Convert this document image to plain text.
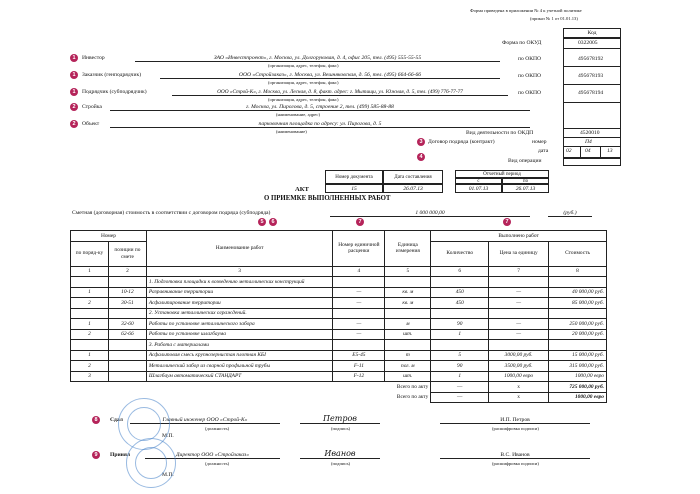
Форма приведена в приложении № 4 к учетной политике
(приказ № 1 от 01.01.13)
Код
Форма по ОКУД	0322005
1	Инвестор	ЗАО «Инвестпроект», г. Москва, ул. Долгоруковая, д. 4, офис 205, тел. (495) 555-55-55
(организация, адрес, телефон, факс)
по ОКПО	495678192
1	Заказчик (генподрядчик)	ООО «Стройзаказ», г. Москва, ул. Вешняковская, д. 56, тел. (495) 664-66-66
(организация, адрес, телефон, факс)
по ОКПО	495678193
1	Подрядчик (субподрядчик)	ООО «Строй-К», г. Москва, ул. Лесная, д. 8, факт. адрес: г. Мытищи, ул. Южная, д. 5, тел. (499) 776-77-77
(организация, адрес, телефон, факс)
по ОКПО	495678194
2	Стройка	г. Москва, ул. Пирогова, д. 5, строение 2, тел. (499) 585-88-88
(наименование, адрес)
2	Объект	парковочная площадка по адресу: ул. Пирогова, д. 5
(наименование)	Вид деятельности по ОКДП	4520010
3 Договор подряда (контракт)	номер	П4
дата	02 04	13
4
Вид операции
Номер документа	Дата составления
15	26.07.13
Отчетный период
с	по
01.07.13	26.07.13
АКТ
О ПРИЕМКЕ ВЫПОЛНЕННЫХ РАБОТ
5	6
Сметная (договорная) стоимость в соответствии с договором подряда (субподряда)	1 000 000,00	(руб.)
7	7
Номер		Наименование работ	Номер единичной расценки	Единица измерения	Выполнено работ		
по поряд-ку	позиции по смете				Количество	Цена за единицу	Стоимость
1	2	3	4	5	6	7	8
		1. Подготовка площадки к возведению металлических конструкций					
1	10-12	Разравнивание территории	—	кв. м	450	—	40 000,00 руб.
2	30-51	Асфальтирование территории	—	кв. м	450	—	85 000,00 руб.
		2. Установка металлических ограждений.					
1	32-60	Работы по установке металлического забора	—	м	90	—	250 000,00 руб.
2	62-66	Работы по установке шлагбаума	—	шт.	1	—	20 000,00 руб.
		3. Работа с материалами					
1		Асфальтовая смесь крупнозернистая плотная КБI	Е5-45	т	5	3000,00 руб.	15 000,00 руб.
2		Металлический забор из сварной профильной трубы	F-11	пог. м	90	3500,00 руб.	315 000,00 руб.
3		Шлагбаум автоматический СТАНДАРТ	F-12	шт.	1	1000,00 евро	1000,00 евро
Всего по акту					—	x	725 000,00 руб.
Всего по акту					—	x	1000,00 евро
8	Сдал	Главный инженер ООО «Строй-К»
(должность)
Петров
(подпись)
И.П. Петров
(расшифровка подписи)
М.П.
9	Принял	Директор ООО «Стройзаказ»
(должность)
Иванов
(подпись)
В.С. Иванов
(расшифровка подписи)
М.П.
